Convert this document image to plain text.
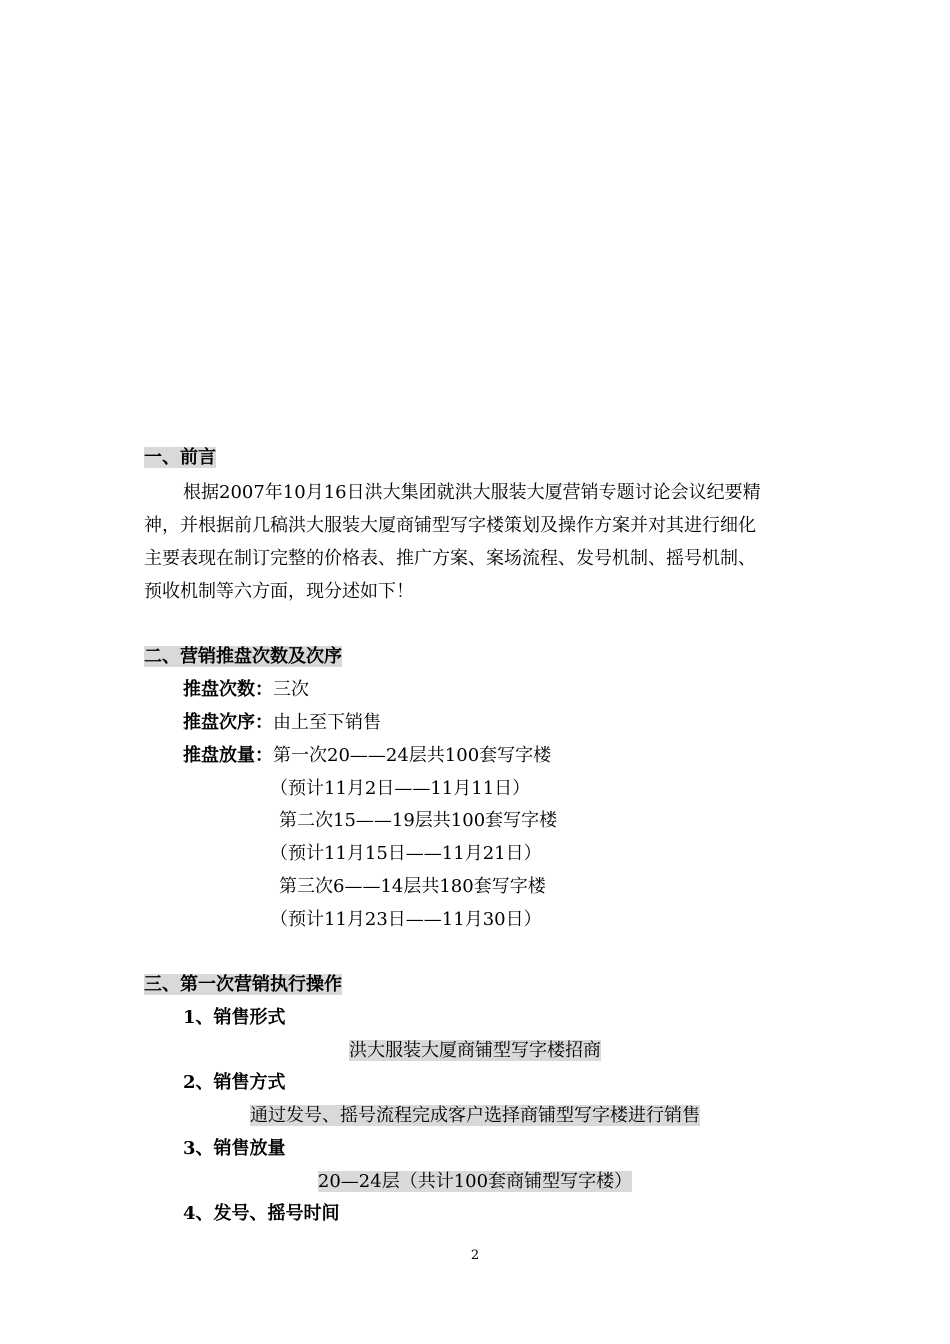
一、前言
根据2007年10月16日洪大集团就洪大服装大厦营销专题讨论会议纪要精
神，并根据前几稿洪大服装大厦商铺型写字楼策划及操作方案并对其进行细化
主要表现在制订完整的价格表、推广方案、案场流程、发号机制、摇号机制、
预收机制等六方面，现分述如下！
二、营销推盘次数及次序
推盘次数：三次
推盘次序：由上至下销售
推盘放量：第一次20——24层共100套写字楼
（预计11月2日——11月11日）
第二次15——19层共100套写字楼
（预计11月15日——11月21日）
第三次6——14层共180套写字楼
（预计11月23日——11月30日）
三、第一次营销执行操作
1、销售形式
洪大服装大厦商铺型写字楼招商
2、销售方式
通过发号、摇号流程完成客户选择商铺型写字楼进行销售
3、销售放量
20—24层（共计100套商铺型写字楼）
4、发号、摇号时间
2
